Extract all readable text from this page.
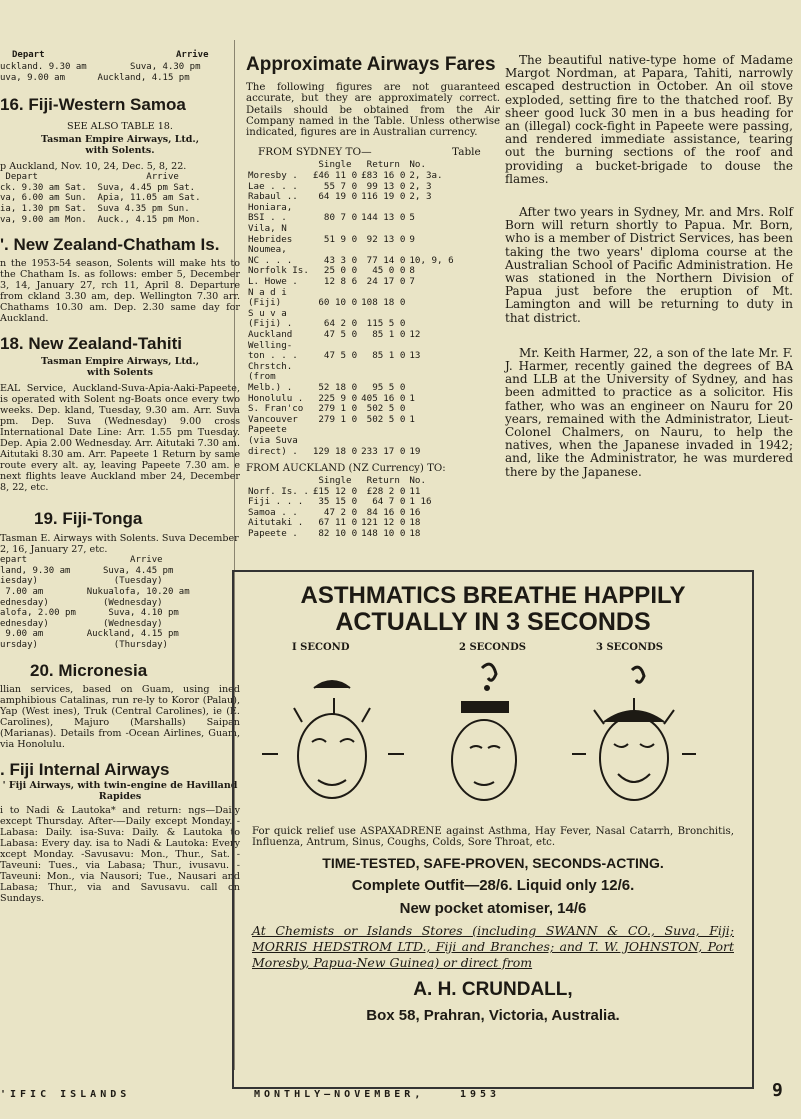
Depart	Arrive
uckland. 9.30 am        Suva, 4.30 pm
uva, 9.00 am      Auckland, 4.15 pm
16. Fiji-Western Samoa
SEE ALSO TABLE 18.
Tasman Empire Airways, Ltd., with Solents.
p Auckland, Nov. 10, 24, Dec. 5, 8, 22.
Depart                    Arrive
ck. 9.30 am Sat.  Suva, 4.45 pm Sat.
va, 6.00 am Sun.  Apia, 11.05 am Sat.
ia, 1.30 pm Sat.  Suva 4.35 pm Sun.
va, 9.00 am Mon.  Auck., 4.15 pm Mon.
'. New Zealand-Chatham Is.
n the 1953-54 season, Solents will make hts to the Chatham Is. as follows: ember 5, December 3, 14, January 27, rch 11, April 8. Departure from ckland 3.30 am, dep. Wellington 7.30 arr. Chathams 10.30 am. Dep. 2.30 same day for Auckland.
18. New Zealand-Tahiti
Tasman Empire Airways, Ltd., with Solents
EAL Service, Auckland-Suva-Apia-Aaki-Papeete, is operated with Solent ng-Boats once every two weeks. Dep. kland, Tuesday, 9.30 am. Arr. Suva pm. Dep. Suva (Wednesday) 9.00 cross International Date Line: Arr. 1.55 pm Tuesday. Dep. Apia 2.00 Wednesday. Arr. Aitutaki 7.30 am. Aitutaki 8.30 am. Arr. Papeete 1 Return by same route every alt. ay, leaving Papeete 7.30 am. e next flights leave Auckland mber 24, December 8, 22, etc.
19. Fiji-Tonga
Tasman E. Airways with Solents. Suva December 2, 16, January 27, etc.
epart                   Arrive
land, 9.30 am      Suva, 4.45 pm
iesday)              (Tuesday)
7.00 am        Nukualofa, 10.20 am
ednesday)          (Wednesday)
alofa, 2.00 pm      Suva, 4.10 pm
ednesday)          (Wednesday)
9.00 am        Auckland, 4.15 pm
ursday)              (Thursday)
20. Micronesia
llian services, based on Guam, using ined amphibious Catalinas, run re-ly to Koror (Palau), Yap (West ines), Truk (Central Carolines), ie (E. Carolines), Majuro (Marshalls) Saipan (Marianas). Details from -Ocean Airlines, Guam, via Honolulu.
. Fiji Internal Airways
' Fiji Airways, with twin-engine de Havilland Rapides
i to Nadi & Lautoka* and return: ngs—Daily except Thursday. After-—Daily except Monday. -Labasa: Daily. isa-Suva: Daily. & Lautoka to Labasa: Every day. isa to Nadi & Lautoka: Every xcept Monday. -Savusavu: Mon., Thur., Sat. -Taveuni: Tues., via Labasa; Thur., ivusavu. -Taveuni: Mon., via Nausori; Tue., Nausari and Labasa; Thur., via and Savusavu. call on Sundays.
Approximate Airways Fares
The following figures are not guaranteed accurate, but they are approximately correct. Details should be obtained from the Air Company named in the Table. Unless otherwise indicated, figures are in Australian currency.
FROM SYDNEY TO—	Table
	Single	Return	No.
Moresby .	£46 11 0	£83 16 0	2, 3a.
Lae . . .	55 7 0	99 13 0	2, 3
Rabaul ..	64 19 0	116 19 0	2, 3
Honiara,			
BSI . .	80 7 0	144 13 0	5
Vila, N			
Hebrides	51 9 0	92 13 0	9
Noumea,			
NC . . .	43 3 0	77 14 0	10, 9, 6
Norfolk Is.	25 0 0	45 0 0	8
L. Howe .	12 8 6	24 17 0	7
N a d i			
(Fiji)	60 10 0	108 18 0	
S u v a			
(Fiji) .	64 2 0	115 5 0	
Auckland	47 5 0	85 1 0	12
Welling-			
ton . . .	47 5 0	85 1 0	13
Chrstch.			
(from			
Melb.) .	52 18 0	95 5 0	
Honolulu .	225 9 0	405 16 0	1
S. Fran'co	279 1 0	502 5 0	
Vancouver	279 1 0	502 5 0	1
Papeete			
(via Suva			
direct) .	129 18 0	233 17 0	19
FROM AUCKLAND (NZ Currency) TO:
	Single	Return	No.
Norf. Is. .	£15 12 0	£28 2 0	11
Fiji . . .	35 15 0	64 7 0	1 16
Samoa . .	47 2 0	84 16 0	16
Aitutaki .	67 11 0	121 12 0	18
Papeete .	82 10 0	148 10 0	18

The beautiful native-type home of Madame Margot Nordman, at Papara, Tahiti, narrowly escaped destruction in October. An oil stove exploded, setting fire to the thatched roof. By sheer good luck 30 men in a bus heading for an (illegal) cock-fight in Papeete were passing, and rendered immediate assistance, tearing out the burning sections of the roof and providing a bucket-brigade to douse the flames.

After two years in Sydney, Mr. and Mrs. Rolf Born will return shortly to Papua. Mr. Born, who is a member of District Services, has been taking the two years' diploma course at the Australian School of Pacific Administration. He was stationed in the Northern Division of Papua just before the eruption of Mt. Lamington and will be returning to duty in that district.

Mr. Keith Harmer, 22, a son of the late Mr. F. J. Harmer, recently gained the degrees of BA and LLB at the University of Sydney, and has been admitted to practice as a solicitor. His father, who was an engineer on Nauru for 20 years, remained with the Administrator, Lieut-Colonel Chalmers, on Nauru, to help the natives, when the Japanese invaded in 1942; and, like the Administrator, he was murdered there by the Japanese.

ASTHMATICS BREATHE HAPPILY
ACTUALLY IN 3 SECONDS
I SECOND	2 SECONDS	3 SECONDS
For quick relief use ASPAXADRENE against Asthma, Hay Fever, Nasal Catarrh, Bronchitis, Influenza, Antrum, Sinus, Coughs, Colds, Sore Throat, etc.
TIME-TESTED, SAFE-PROVEN, SECONDS-ACTING.
Complete Outfit—28/6. Liquid only 12/6.
New pocket atomiser, 14/6
At Chemists or Islands Stores (including SWANN & CO., Suva, Fiji; MORRIS HEDSTROM LTD., Fiji and Branches; and T. W. JOHNSTON, Port Moresby, Papua-New Guinea) or direct from
A. H. CRUNDALL,
Box 58, Prahran, Victoria, Australia.
'IFIC ISLANDS	MONTHLY—NOVEMBER,	1953	9
